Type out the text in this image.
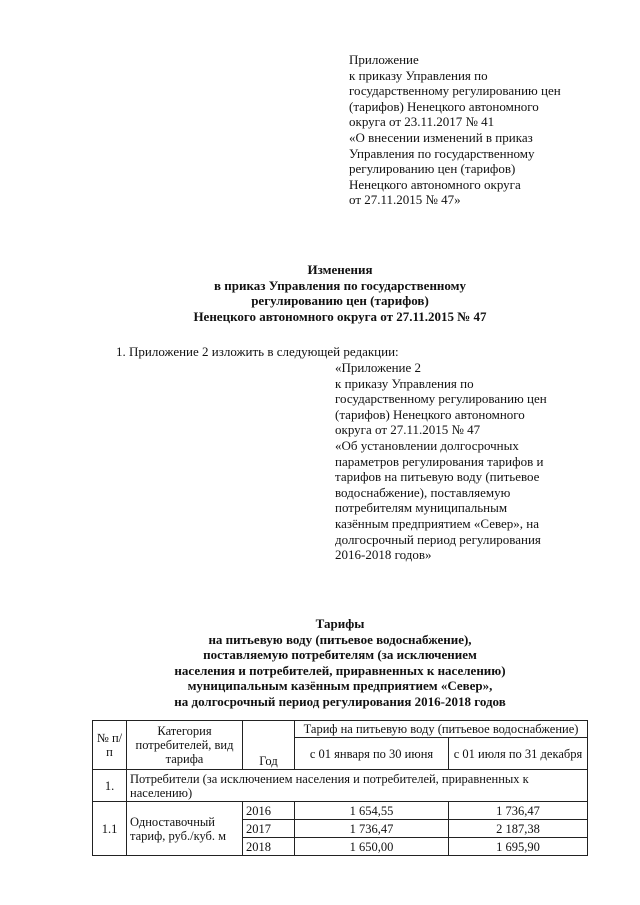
Приложение
к приказу Управления по
государственному регулированию цен
(тарифов) Ненецкого автономного
округа от 23.11.2017 № 41
«О внесении изменений в приказ
Управления по государственному
регулированию цен (тарифов)
Ненецкого автономного округа
от 27.11.2015 № 47»
Изменения
в приказ Управления по государственному
регулированию цен (тарифов)
Ненецкого автономного округа от 27.11.2015 № 47
1. Приложение 2 изложить в следующей редакции:
«Приложение 2
к приказу Управления по
государственному регулированию цен
(тарифов) Ненецкого автономного
округа от 27.11.2015 № 47
«Об установлении долгосрочных
параметров регулирования тарифов и
тарифов на питьевую воду (питьевое
водоснабжение), поставляемую
потребителям муниципальным
казённым предприятием «Север», на
долгосрочный период регулирования
2016-2018 годов»
Тарифы
на питьевую воду (питьевое водоснабжение),
поставляемую потребителям (за исключением
населения и потребителей, приравненных к населению)
муниципальным казённым предприятием «Север»,
на долгосрочный период регулирования 2016-2018 годов
№ п/п	Категория потребителей, вид тарифа	Год	Тариф на питьевую воду (питьевое водоснабжение)	
			с 01 января по 30 июня	с 01 июля по 31 декабря
1.	Потребители (за исключением населения и потребителей, приравненных к населению)			
1.1	Одноставочный тариф, руб./куб. м	2016	1 654,55	1 736,47
		2017	1 736,47	2 187,38
		2018	1 650,00	1 695,90
